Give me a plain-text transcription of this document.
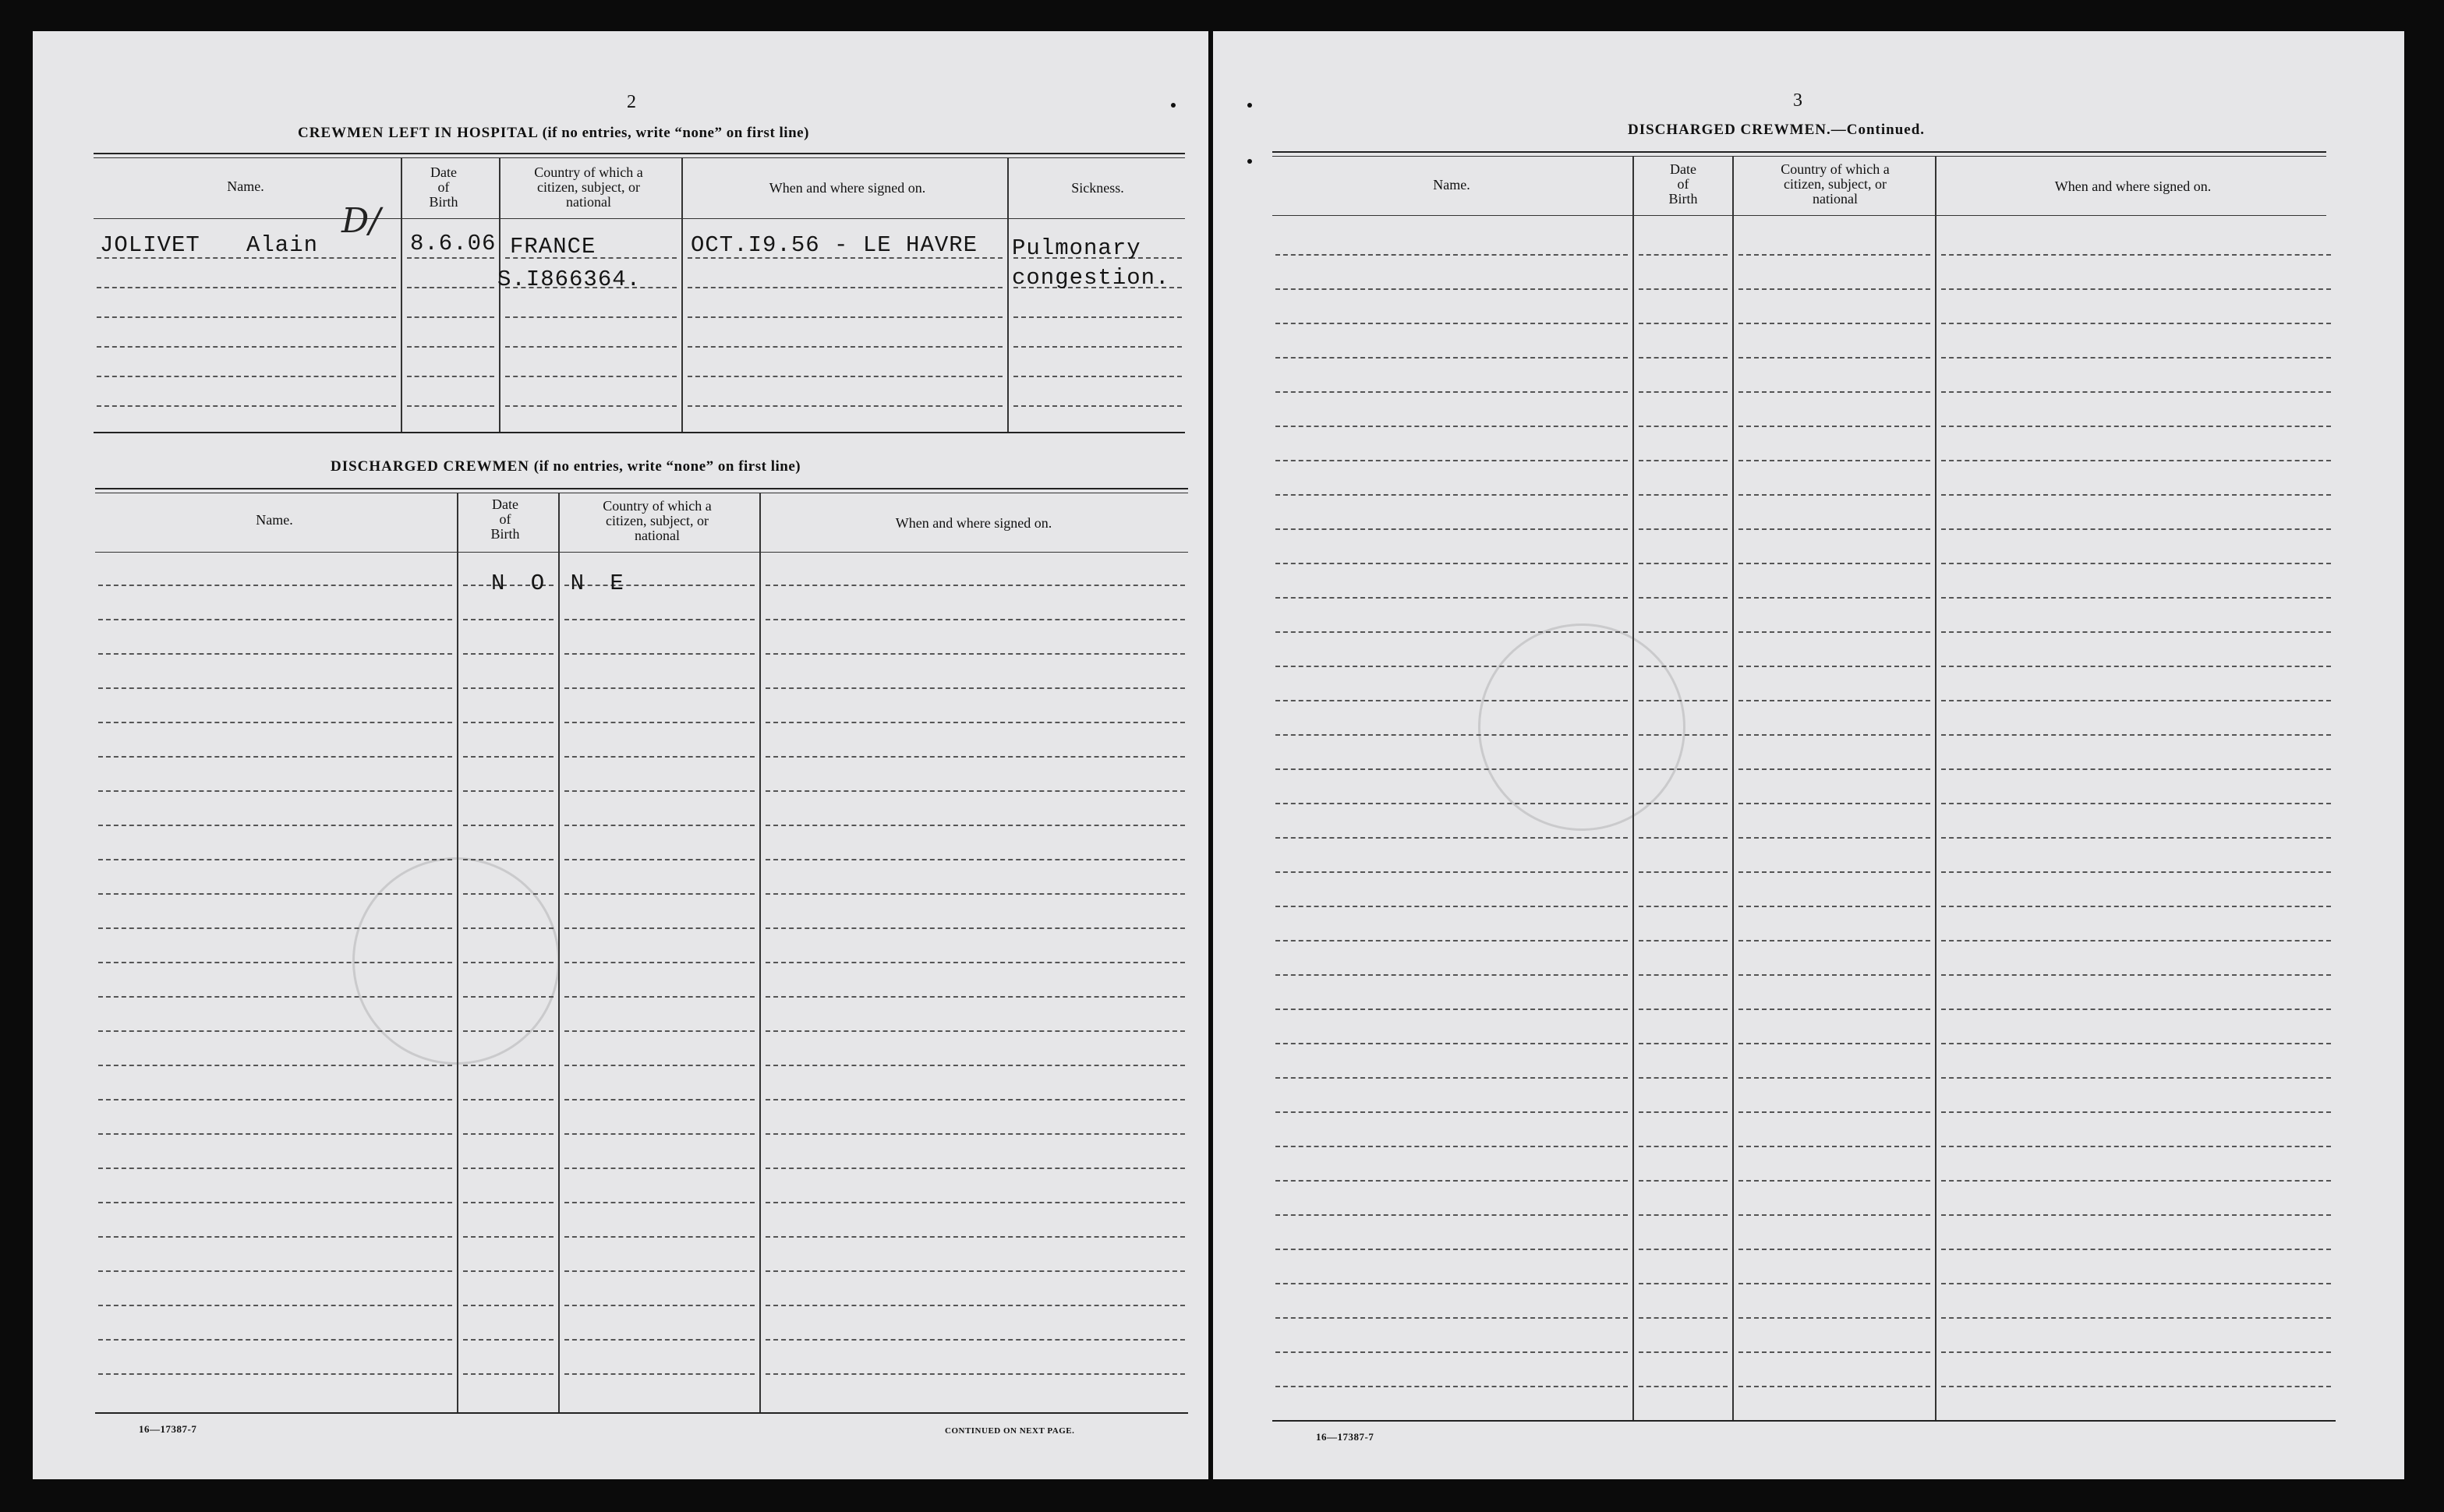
2
CREWMEN LEFT IN HOSPITAL (if no entries, write “none” on first line)
Name.
Date
of
Birth
Country of which a
citizen, subject, or
national
When and where signed on.	Sickness.
JOLIVET Alain
D/
8.6.06 FRANCE
S.I866364.
OCT.I9.56 - LE HAVRE Pulmonary
congestion.
DISCHARGED CREWMEN (if no entries, write “none” on first line)
Name.
Date
of
Birth
Country of which a
citizen, subject, or
national
When and where signed on.
N O N E
16—17387-7	CONTINUED ON NEXT PAGE.
3
DISCHARGED CREWMEN.—Continued.
Name.
Date
of
Birth
Country of which a
citizen, subject, or
national
When and where signed on.
16—17387-7
